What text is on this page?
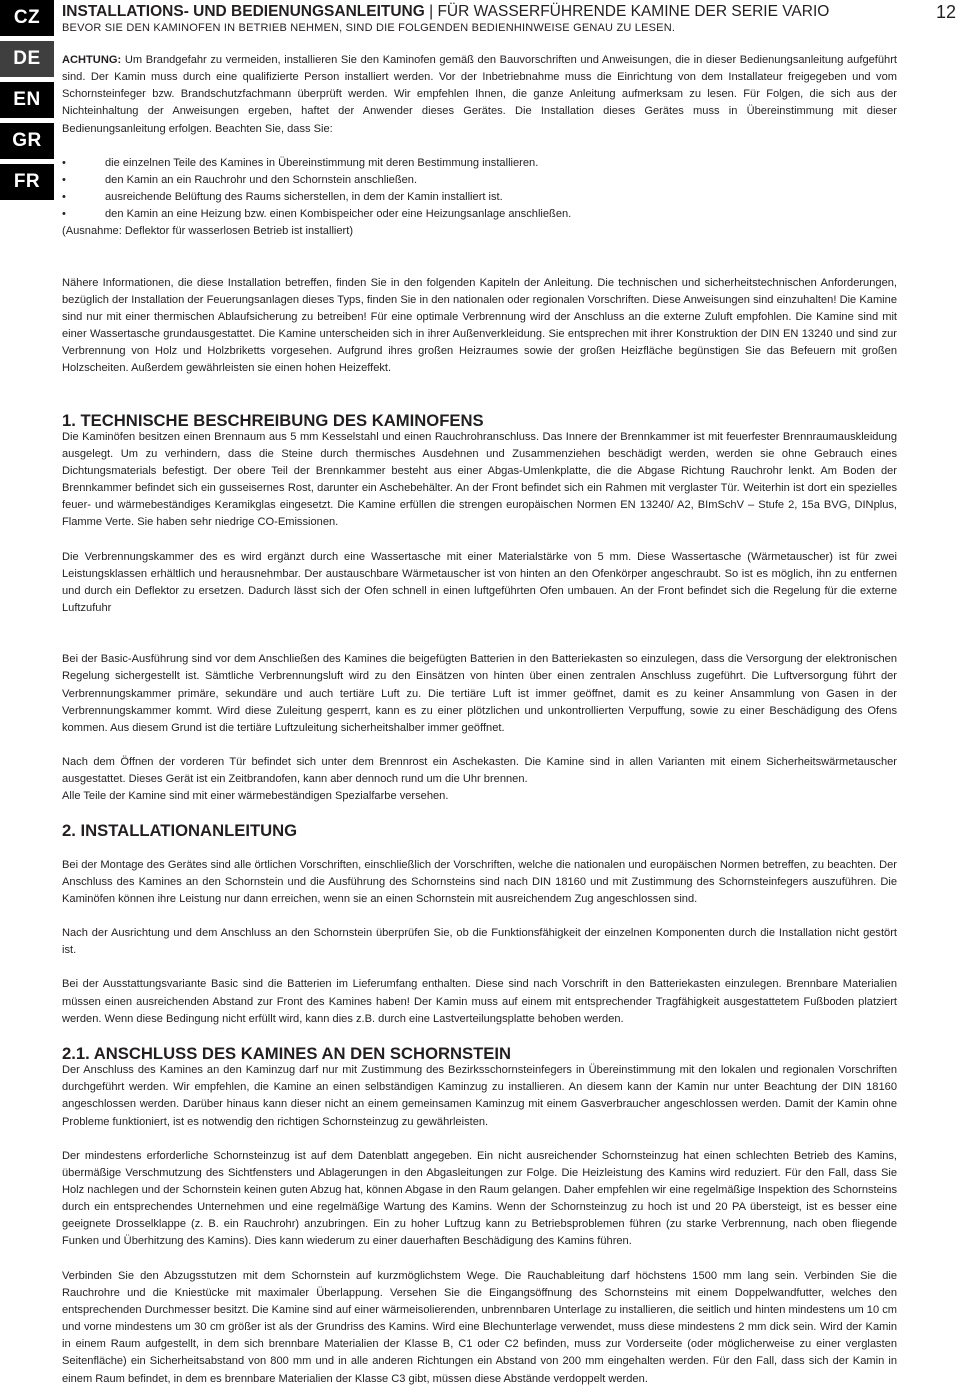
CZ
DE
EN
GR
FR
12
INSTALLATIONS- UND BEDIENUNGSANLEITUNG | FÜR WASSERFÜHRENDE KAMINE DER SERIE VARIO
BEVOR SIE DEN KAMINOFEN IN BETRIEB NEHMEN, SIND DIE FOLGENDEN BEDIENHINWEISE GENAU ZU LESEN.

ACHTUNG: Um Brandgefahr zu vermeiden, installieren Sie den Kaminofen gemäß den Bauvorschriften und Anweisungen, die in dieser Bedienungsanleitung aufgeführt sind. Der Kamin muss durch eine qualifizierte Person installiert werden. Vor der Inbetriebnahme muss die Einrichtung von dem Installateur freigegeben und vom Schornsteinfeger bzw. Brandschutzfachmann überprüft werden. Wir empfehlen Ihnen, die ganze Anleitung aufmerksam zu lesen. Für Folgen, die sich aus der Nichteinhaltung der Anweisungen ergeben, haftet der Anwender dieses Gerätes. Die Installation dieses Gerätes muss in Übereinstimmung mit dieser Bedienungsanleitung erfolgen. Beachten Sie, dass Sie:

•	die einzelnen Teile des Kamines in Übereinstimmung mit deren Bestimmung installieren.
•	den Kamin an ein Rauchrohr und den Schornstein anschließen.
•	ausreichende Belüftung des Raums sicherstellen, in dem der Kamin installiert ist.
•	den Kamin an eine Heizung bzw. einen Kombispeicher oder eine Heizungsanlage anschließen.

(Ausnahme: Deflektor für wasserlosen Betrieb ist installiert)

Nähere Informationen, die diese Installation betreffen, finden Sie in den folgenden Kapiteln der Anleitung. Die technischen und sicherheitstechnischen Anforderungen, bezüglich der Installation der Feuerungsanlagen dieses Typs, finden Sie in den nationalen oder regionalen Vorschriften. Diese Anweisungen sind einzuhalten! Die Kamine sind nur mit einer thermischen Ablaufsicherung zu betreiben! Für eine optimale Verbrennung wird der Anschluss an die externe Zuluft empfohlen. Die Kamine sind mit einer Wassertasche grundausgestattet. Die Kamine unterscheiden sich in ihrer Außenverkleidung. Sie entsprechen mit ihrer Konstruktion der DIN EN 13240 und sind zur Verbrennung von Holz und Holzbriketts vorgesehen. Aufgrund ihres großen Heizraumes sowie der großen Heizfläche begünstigen Sie das Befeuern mit großen Holzscheiten. Außerdem gewährleisten sie einen hohen Heizeffekt.

1. TECHNISCHE BESCHREIBUNG DES KAMINOFENS

Die Kaminöfen besitzen einen Brennaum aus 5 mm Kesselstahl und einen Rauchrohranschluss. Das Innere der Brennkammer ist mit feuerfester Brennraumauskleidung ausgelegt. Um zu verhindern, dass die Steine durch thermisches Ausdehnen und Zusammenziehen beschädigt werden, werden sie ohne Gebrauch eines Dichtungsmaterials befestigt. Der obere Teil der Brennkammer besteht aus einer Abgas-Umlenkplatte, die die Abgase Richtung Rauchrohr lenkt. Am Boden der Brennkammer befindet sich ein gusseisernes Rost, darunter ein Aschebehälter. An der Front befindet sich ein Rahmen mit verglaster Tür. Weiterhin ist dort ein spezielles feuer- und wärmebeständiges Keramikglas eingesetzt. Die Kamine erfüllen die strengen europäischen Normen EN 13240/ A2, BImSchV – Stufe 2, 15a BVG, DINplus, Flamme Verte. Sie haben sehr niedrige CO-Emissionen.

Die Verbrennungskammer des es wird ergänzt durch eine Wassertasche mit einer Materialstärke von 5 mm. Diese Wassertasche (Wärmetauscher) ist für zwei Leistungsklassen erhältlich und herausnehmbar. Der austauschbare Wärmetauscher ist von hinten an den Ofenkörper angeschraubt. So ist es möglich, ihn zu entfernen und durch ein Deflektor zu ersetzen. Dadurch lässt sich der Ofen schnell in einen luftgeführten Ofen umbauen. An der Front befindet sich die Regelung für die externe Luftzufuhr

Bei der Basic-Ausführung sind vor dem Anschließen des Kamines die beigefügten Batterien in den Batteriekasten so einzulegen, dass die Versorgung der elektronischen Regelung sichergestellt ist. Sämtliche Verbrennungsluft wird zu den Einsätzen von hinten über einen zentralen Anschluss zugeführt. Die Luftversorgung führt der Verbrennungskammer primäre, sekundäre und auch tertiäre Luft zu. Die tertiäre Luft ist immer geöffnet, damit es zu keiner Ansammlung von Gasen in der Verbrennungskammer kommt. Wird diese Zuleitung gesperrt, kann es zu einer plötzlichen und unkontrollierten Verpuffung, sowie zu einer Beschädigung des Ofens kommen. Aus diesem Grund ist die tertiäre Luftzuleitung sicherheitshalber immer geöffnet.

Nach dem Öffnen der vorderen Tür befindet sich unter dem Brennrost ein Aschekasten. Die Kamine sind in allen Varianten mit einem Sicherheitswärmetauscher ausgestattet. Dieses Gerät ist ein Zeitbrandofen, kann aber dennoch rund um die Uhr brennen.

Alle Teile der Kamine sind mit einer wärmebeständigen Spezialfarbe versehen.

2. INSTALLATIONANLEITUNG

Bei der Montage des Gerätes sind alle örtlichen Vorschriften, einschließlich der Vorschriften, welche die nationalen und europäischen Normen betreffen, zu beachten. Der Anschluss des Kamines an den Schornstein und die Ausführung des Schornsteins sind nach DIN 18160 und mit Zustimmung des Schornsteinfegers auszuführen. Die Kaminöfen können ihre Leistung nur dann erreichen, wenn sie an einen Schornstein mit ausreichendem Zug angeschlossen sind.

Nach der Ausrichtung und dem Anschluss an den Schornstein überprüfen Sie, ob die Funktionsfähigkeit der einzelnen Komponenten durch die Installation nicht gestört ist.

Bei der Ausstattungsvariante Basic sind die Batterien im Lieferumfang enthalten. Diese sind nach Vorschrift in den Batteriekasten einzulegen. Brennbare Materialien müssen einen ausreichenden Abstand zur Front des Kamines haben! Der Kamin muss auf einem mit entsprechender Tragfähigkeit ausgestattetem Fußboden platziert werden. Wenn diese Bedingung nicht erfüllt wird, kann dies z.B. durch eine Lastverteilungsplatte behoben werden.

2.1. ANSCHLUSS DES KAMINES AN DEN SCHORNSTEIN

Der Anschluss des Kamines an den Kaminzug darf nur mit Zustimmung des Bezirksschornsteinfegers in Übereinstimmung mit den lokalen und regionalen Vorschriften durchgeführt werden. Wir empfehlen, die Kamine an einen selbständigen Kaminzug zu installieren. An diesem kann der Kamin nur unter Beachtung der DIN 18160 angeschlossen werden. Darüber hinaus kann dieser nicht an einem gemeinsamen Kaminzug mit einem Gasverbraucher angeschlossen werden. Damit der Kamin ohne Probleme funktioniert, ist es notwendig den richtigen Schornsteinzug zu gewährleisten.

Der mindestens erforderliche Schornsteinzug ist auf dem Datenblatt angegeben. Ein nicht ausreichender Schornsteinzug hat einen schlechten Betrieb des Kamins, übermäßige Verschmutzung des Sichtfensters und Ablagerungen in den Abgasleitungen zur Folge. Die Heizleistung des Kamins wird reduziert. Für den Fall, dass Sie Holz nachlegen und der Schornstein keinen guten Abzug hat, können Abgase in den Raum gelangen. Daher empfehlen wir eine regelmäßige Inspektion des Schornsteins durch ein entsprechendes Unternehmen und eine regelmäßige Wartung des Kamins. Wenn der Schornsteinzug zu hoch ist und 20 PA übersteigt, ist es besser eine geeignete Drosselklappe (z. B. ein Rauchrohr) anzubringen. Ein zu hoher Luftzug kann zu Betriebsproblemen führen (zu starke Verbrennung, nach oben fliegende Funken und Überhitzung des Kamins). Dies kann wiederum zu einer dauerhaften Beschädigung des Kamins führen.

Verbinden Sie den Abzugsstutzen mit dem Schornstein auf kurzmöglichstem Wege. Die Rauchableitung darf höchstens 1500 mm lang sein. Verbinden Sie die Rauchrohre und die Kniestücke mit maximaler Überlappung. Versehen Sie die Eingangsöffnung des Schornsteins mit einem Doppelwandfutter, welches den entsprechenden Durchmesser besitzt. Die Kamine sind auf einer wärmeisolierenden, unbrennbaren Unterlage zu installieren, die seitlich und hinten mindestens um 10 cm und vorne mindestens um 30 cm größer ist als der Grundriss des Kamins. Wird eine Blechunterlage verwendet, muss diese mindestens 2 mm dick sein. Wird der Kamin in einem Raum aufgestellt, in dem sich brennbare Materialien der Klasse B, C1 oder C2 befinden, muss zur Vorderseite (oder möglicherweise zu einer verglasten Seitenfläche) ein Sicherheitsabstand von 800 mm und in alle anderen Richtungen ein Abstand von 200 mm eingehalten werden. Für den Fall, dass sich der Kamin in einem Raum befindet, in dem es brennbare Materialien der Klasse C3 gibt, müssen diese Abstände verdoppelt werden.
